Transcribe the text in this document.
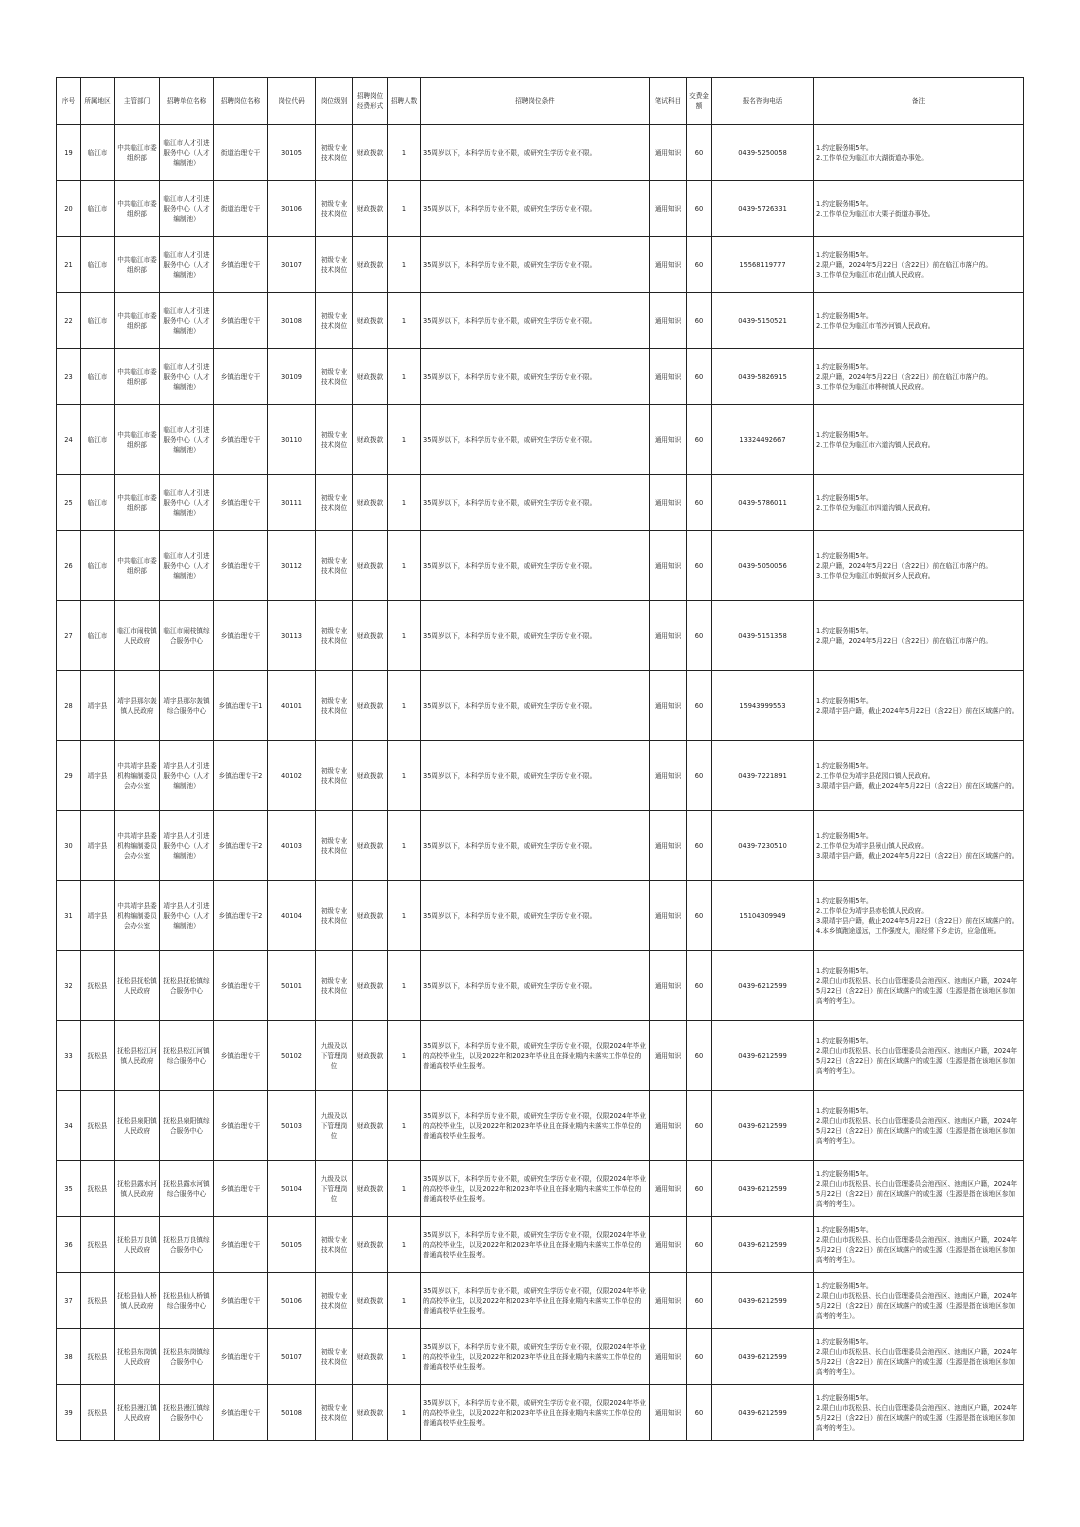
序号	所属地区	主管部门	招聘单位名称	招聘岗位名称	岗位代码	岗位级别	招聘岗位经费形式	招聘人数	招聘岗位条件	笔试科目	交费金额	报名咨询电话	备注
19	临江市	中共临江市委组织部	临江市人才引进服务中心（人才编制池）	街道治理专干	30105	初级专业技术岗位	财政拨款	1	35周岁以下，本科学历专业不限，或研究生学历专业不限。	通用知识	60	0439-5250058	1.约定服务期5年。
2.工作单位为临江市大湖街道办事处。

20	临江市	中共临江市委组织部	临江市人才引进服务中心（人才编制池）	街道治理专干	30106	初级专业技术岗位	财政拨款	1	35周岁以下，本科学历专业不限，或研究生学历专业不限。	通用知识	60	0439-5726331	1.约定服务期5年。
2.工作单位为临江市大栗子街道办事处。

21	临江市	中共临江市委组织部	临江市人才引进服务中心（人才编制池）	乡镇治理专干	30107	初级专业技术岗位	财政拨款	1	35周岁以下，本科学历专业不限，或研究生学历专业不限。	通用知识	60	15568119777	1.约定服务期5年。
2.限户籍，2024年5月22日（含22日）前在临江市落户的。
3.工作单位为临江市花山镇人民政府。

22	临江市	中共临江市委组织部	临江市人才引进服务中心（人才编制池）	乡镇治理专干	30108	初级专业技术岗位	财政拨款	1	35周岁以下，本科学历专业不限，或研究生学历专业不限。	通用知识	60	0439-5150521	1.约定服务期5年。
2.工作单位为临江市苇沙河镇人民政府。

23	临江市	中共临江市委组织部	临江市人才引进服务中心（人才编制池）	乡镇治理专干	30109	初级专业技术岗位	财政拨款	1	35周岁以下，本科学历专业不限，或研究生学历专业不限。	通用知识	60	0439-5826915	1.约定服务期5年。
2.限户籍，2024年5月22日（含22日）前在临江市落户的。
3.工作单位为临江市桦树镇人民政府。

24	临江市	中共临江市委组织部	临江市人才引进服务中心（人才编制池）	乡镇治理专干	30110	初级专业技术岗位	财政拨款	1	35周岁以下，本科学历专业不限，或研究生学历专业不限。	通用知识	60	13324492667	1.约定服务期5年。
2.工作单位为临江市六道沟镇人民政府。

25	临江市	中共临江市委组织部	临江市人才引进服务中心（人才编制池）	乡镇治理专干	30111	初级专业技术岗位	财政拨款	1	35周岁以下，本科学历专业不限，或研究生学历专业不限。	通用知识	60	0439-5786011	1.约定服务期5年。
2.工作单位为临江市四道沟镇人民政府。

26	临江市	中共临江市委组织部	临江市人才引进服务中心（人才编制池）	乡镇治理专干	30112	初级专业技术岗位	财政拨款	1	35周岁以下，本科学历专业不限，或研究生学历专业不限。	通用知识	60	0439-5050056	1.约定服务期5年。
2.限户籍，2024年5月22日（含22日）前在临江市落户的。
3.工作单位为临江市蚂蚁河乡人民政府。

27	临江市	临江市闹枝镇人民政府	临江市闹枝镇综合服务中心	乡镇治理专干	30113	初级专业技术岗位	财政拨款	1	35周岁以下，本科学历专业不限，或研究生学历专业不限。	通用知识	60	0439-5151358	1.约定服务期5年。
2.限户籍，2024年5月22日（含22日）前在临江市落户的。

28	靖宇县	靖宇县那尔轰镇人民政府	靖宇县那尔轰镇综合服务中心	乡镇治理专干1	40101	初级专业技术岗位	财政拨款	1	35周岁以下，本科学历专业不限，或研究生学历专业不限。	通用知识	60	15943999553	1.约定服务期5年。
2.限靖宇县户籍，截止2024年5月22日（含22日）前在区域落户的。

29	靖宇县	中共靖宇县委机构编制委员会办公室	靖宇县人才引进服务中心（人才编制池）	乡镇治理专干2	40102	初级专业技术岗位	财政拨款	1	35周岁以下，本科学历专业不限，或研究生学历专业不限。	通用知识	60	0439-7221891	1.约定服务期5年。
2.工作单位为靖宇县花园口镇人民政府。
3.限靖宇县户籍，截止2024年5月22日（含22日）前在区域落户的。

30	靖宇县	中共靖宇县委机构编制委员会办公室	靖宇县人才引进服务中心（人才编制池）	乡镇治理专干2	40103	初级专业技术岗位	财政拨款	1	35周岁以下，本科学历专业不限，或研究生学历专业不限。	通用知识	60	0439-7230510	1.约定服务期5年。
2.工作单位为靖宇县景山镇人民政府。
3.限靖宇县户籍，截止2024年5月22日（含22日）前在区域落户的。

31	靖宇县	中共靖宇县委机构编制委员会办公室	靖宇县人才引进服务中心（人才编制池）	乡镇治理专干2	40104	初级专业技术岗位	财政拨款	1	35周岁以下，本科学历专业不限，或研究生学历专业不限。	通用知识	60	15104309949	1.约定服务期5年。
2.工作单位为靖宇县赤松镇人民政府。
3.限靖宇县户籍，截止2024年5月22日（含22日）前在区域落户的。
4.本乡镇跑途遥远，工作强度大，需经常下乡走访，应急值班。

32	抚松县	抚松县抚松镇人民政府	抚松县抚松镇综合服务中心	乡镇治理专干	50101	初级专业技术岗位	财政拨款	1	35周岁以下，本科学历专业不限，或研究生学历专业不限。	通用知识	60	0439-6212599	1.约定服务期5年。
2.限白山市抚松县、长白山管理委员会池西区、池南区户籍，2024年5月22日（含22日）前在区域落户的或生源（生源是指在该地区参加高考的考生）。

33	抚松县	抚松县松江河镇人民政府	抚松县松江河镇综合服务中心	乡镇治理专干	50102	九级及以下管理岗位	财政拨款	1	35周岁以下，本科学历专业不限，或研究生学历专业不限，仅限2024年毕业的高校毕业生，以及2022年和2023年毕业且在择业期内未落实工作单位的普通高校毕业生报考。	通用知识	60	0439-6212599	1.约定服务期5年。
2.限白山市抚松县、长白山管理委员会池西区、池南区户籍，2024年5月22日（含22日）前在区域落户的或生源（生源是指在该地区参加高考的考生）。

34	抚松县	抚松县泉阳镇人民政府	抚松县泉阳镇综合服务中心	乡镇治理专干	50103	九级及以下管理岗位	财政拨款	1	35周岁以下，本科学历专业不限，或研究生学历专业不限，仅限2024年毕业的高校毕业生，以及2022年和2023年毕业且在择业期内未落实工作单位的普通高校毕业生报考。	通用知识	60	0439-6212599	1.约定服务期5年。
2.限白山市抚松县、长白山管理委员会池西区、池南区户籍，2024年5月22日（含22日）前在区域落户的或生源（生源是指在该地区参加高考的考生）。

35	抚松县	抚松县露水河镇人民政府	抚松县露水河镇综合服务中心	乡镇治理专干	50104	九级及以下管理岗位	财政拨款	1	35周岁以下，本科学历专业不限，或研究生学历专业不限，仅限2024年毕业的高校毕业生，以及2022年和2023年毕业且在择业期内未落实工作单位的普通高校毕业生报考。	通用知识	60	0439-6212599	1.约定服务期5年。
2.限白山市抚松县、长白山管理委员会池西区、池南区户籍，2024年5月22日（含22日）前在区域落户的或生源（生源是指在该地区参加高考的考生）。

36	抚松县	抚松县万良镇人民政府	抚松县万良镇综合服务中心	乡镇治理专干	50105	初级专业技术岗位	财政拨款	1	35周岁以下，本科学历专业不限，或研究生学历专业不限，仅限2024年毕业的高校毕业生，以及2022年和2023年毕业且在择业期内未落实工作单位的普通高校毕业生报考。	通用知识	60	0439-6212599	1.约定服务期5年。
2.限白山市抚松县、长白山管理委员会池西区、池南区户籍，2024年5月22日（含22日）前在区域落户的或生源（生源是指在该地区参加高考的考生）。

37	抚松县	抚松县仙人桥镇人民政府	抚松县仙人桥镇综合服务中心	乡镇治理专干	50106	初级专业技术岗位	财政拨款	1	35周岁以下，本科学历专业不限，或研究生学历专业不限，仅限2024年毕业的高校毕业生，以及2022年和2023年毕业且在择业期内未落实工作单位的普通高校毕业生报考。	通用知识	60	0439-6212599	1.约定服务期5年。
2.限白山市抚松县、长白山管理委员会池西区、池南区户籍，2024年5月22日（含22日）前在区域落户的或生源（生源是指在该地区参加高考的考生）。

38	抚松县	抚松县东岗镇人民政府	抚松县东岗镇综合服务中心	乡镇治理专干	50107	初级专业技术岗位	财政拨款	1	35周岁以下，本科学历专业不限，或研究生学历专业不限，仅限2024年毕业的高校毕业生，以及2022年和2023年毕业且在择业期内未落实工作单位的普通高校毕业生报考。	通用知识	60	0439-6212599	1.约定服务期5年。
2.限白山市抚松县、长白山管理委员会池西区、池南区户籍，2024年5月22日（含22日）前在区域落户的或生源（生源是指在该地区参加高考的考生）。

39	抚松县	抚松县漫江镇人民政府	抚松县漫江镇综合服务中心	乡镇治理专干	50108	初级专业技术岗位	财政拨款	1	35周岁以下，本科学历专业不限，或研究生学历专业不限，仅限2024年毕业的高校毕业生，以及2022年和2023年毕业且在择业期内未落实工作单位的普通高校毕业生报考。	通用知识	60	0439-6212599	1.约定服务期5年。
2.限白山市抚松县、长白山管理委员会池西区、池南区户籍，2024年5月22日（含22日）前在区域落户的或生源（生源是指在该地区参加高考的考生）。
